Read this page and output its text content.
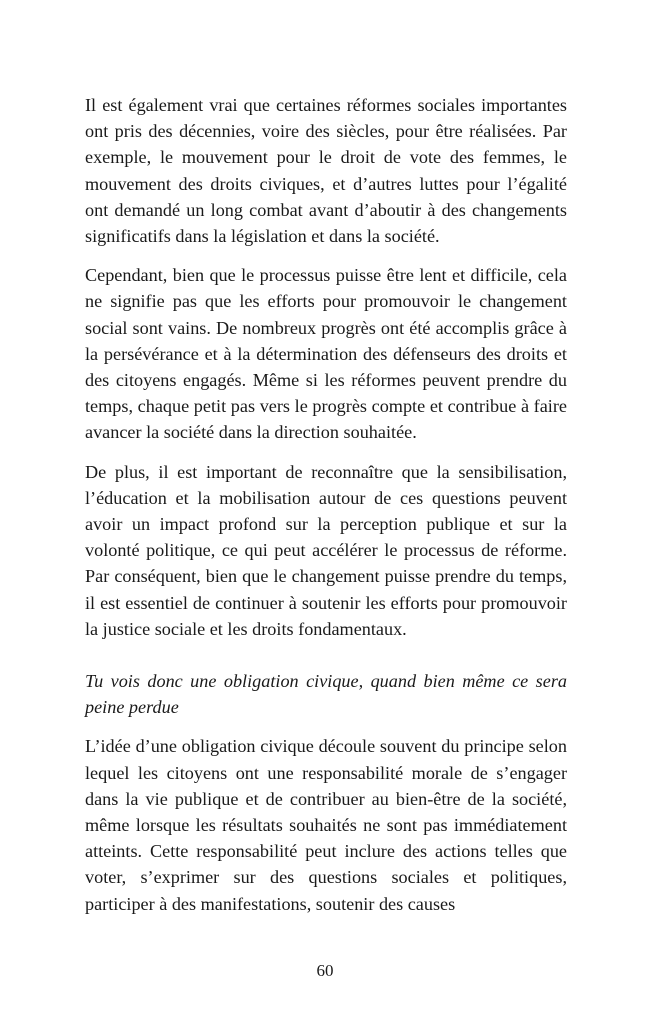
Il est également vrai que certaines réformes sociales importantes ont pris des décennies, voire des siècles, pour être réalisées. Par exemple, le mouvement pour le droit de vote des femmes, le mouvement des droits civiques, et d’autres luttes pour l’égalité ont demandé un long combat avant d’aboutir à des changements significatifs dans la législation et dans la société.

Cependant, bien que le processus puisse être lent et difficile, cela ne signifie pas que les efforts pour promouvoir le changement social sont vains. De nombreux progrès ont été accomplis grâce à la persévérance et à la détermination des défenseurs des droits et des citoyens engagés. Même si les réformes peuvent prendre du temps, chaque petit pas vers le progrès compte et contribue à faire avancer la société dans la direction souhaitée.

De plus, il est important de reconnaître que la sensibilisation, l’éducation et la mobilisation autour de ces questions peuvent avoir un impact profond sur la perception publique et sur la volonté politique, ce qui peut accélérer le processus de réforme. Par conséquent, bien que le changement puisse prendre du temps, il est essentiel de continuer à soutenir les efforts pour promouvoir la justice sociale et les droits fondamentaux.

Tu vois donc une obligation civique, quand bien même ce sera peine perdue

L’idée d’une obligation civique découle souvent du principe selon lequel les citoyens ont une responsabilité morale de s’engager dans la vie publique et de contribuer au bien-être de la société, même lorsque les résultats souhaités ne sont pas immédiatement atteints. Cette responsabilité peut inclure des actions telles que voter, s’exprimer sur des questions sociales et politiques, participer à des manifestations, soutenir des causes

60
